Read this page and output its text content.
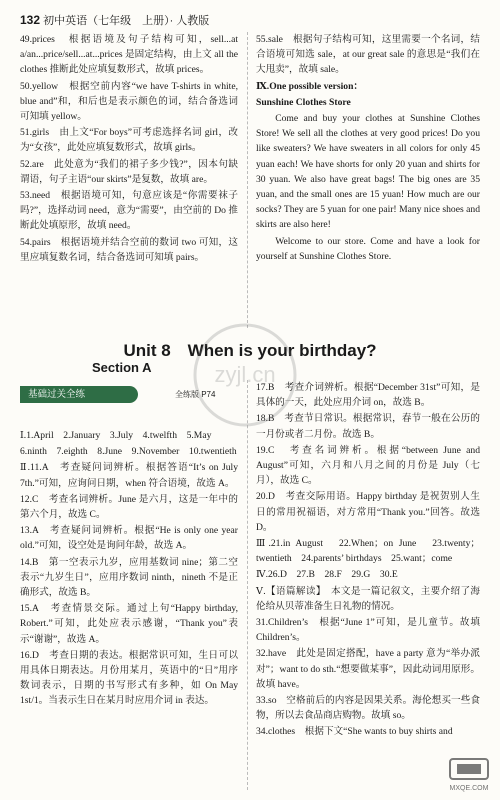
132 初中英语（七年级　上册）· 人教版

49.prices　根据语境及句子结构可知，sell...at a/an...price/sell...at...prices 是固定结构，由上文 all the clothes 推断此处应填复数形式，故填 prices。

50.yellow　根据空前内容“we have T-shirts in white, blue and”和，和后也是表示颜色的词，结合备选词可知填 yellow。

51.girls　由上文“For boys”可考虑选择名词 girl，改为“女孩”，此处应填复数形式，故填 girls。

52.are　此处意为“我们的裙子多少钱?”，因本句缺谓语，句子主语“our skirts”是复数，故填 are。

53.need　根据语境可知，句意应该是“你需要袜子吗?”，选择动词 need，意为“需要”，由空前的 Do 推断此处填原形，故填 need。

54.pairs　根据语境并结合空前的数词 two 可知，这里应填复数名词，结合备选词可知填 pairs。

55.sale　根据句子结构可知，这里需要一个名词，结合语境可知选 sale，at our great sale 的意思是“我们在大甩卖”，故填 sale。

Ⅸ.One possible version：

Sunshine Clothes Store

Come and buy your clothes at Sunshine Clothes Store! We sell all the clothes at very good prices! Do you like sweaters? We have sweaters in all colors for only 45 yuan each! We have shorts for only 20 yuan and shirts for 30 yuan. We also have great bags! The big ones are 35 yuan, and the small ones are 15 yuan! How much are our socks? They are 5 yuan for one pair! Many nice shoes and skirts are also here!

Welcome to our store. Come and have a look for yourself at Sunshine Clothes Store.

Unit 8　When is your birthday?
Section A
基础过关全练	全练版 P74

Ⅰ.1.April　2.January　3.July　4.twelfth　5.May

6.ninth　7.eighth　8.June　9.November　10.twentieth

Ⅱ.11.A　考查疑问词辨析。根据答语“It’s on July 7th.”可知，应询问日期，when 符合语境，故选 A。

12.C　考查名词辨析。June 是六月，这是一年中的第六个月，故选 C。

13.A　考查疑问词辨析。根据“He is only one year old.”可知，设空处是询问年龄，故选 A。

14.B　第一空表示九岁，应用基数词 nine；第二空表示“九岁生日”，应用序数词 ninth，nineth 不是正确形式，故选 B。

15.A　考查情景交际。通过上句“Happy birthday, Robert.”可知，此处应表示感谢，“Thank you”表示“谢谢”，故选 A。

16.D　考查日期的表达。根据常识可知，生日可以用具体日期表达。月份用某月，英语中的“日”用序数词表示，日期的书写形式有多种，如 On May 1st/1。当表示生日在某月时应用介词 in 表达。

17.B　考查介词辨析。根据“December 31st”可知，是具体的一天，此处应用介词 on，故选 B。

18.B　考查节日常识。根据常识，春节一般在公历的一月份或者二月份。故选 B。

19.C　考查名词辨析。根据“between June and August”可知，六月和八月之间的月份是 July（七月），故选 C。

20.D　考查交际用语。Happy birthday 是祝贺别人生日的常用祝福语，对方常用“Thank you.”回答。故选 D。

Ⅲ.21.in August　22.When；on June　23.twenty；twentieth　24.parents’ birthdays　25.want；come

Ⅳ.26.D　27.B　28.F　29.G　30.E

Ⅴ.【语篇解读】　本文是一篇记叙文，主要介绍了海伦给从贝蒂准备生日礼物的情况。

31.Children’s　根据“June 1”可知，是儿童节。故填 Children’s。

32.have　此处是固定搭配，have a party 意为“举办派对”；want to do sth.“想要做某事”，因此动词用原形。故填 have。

33.so　空格前后的内容是因果关系。海伦想买一些食物，所以去食品商店购物。故填 so。

34.clothes　根据下文“She wants to buy shirts and

zyjl.cn
MXQE.COM
